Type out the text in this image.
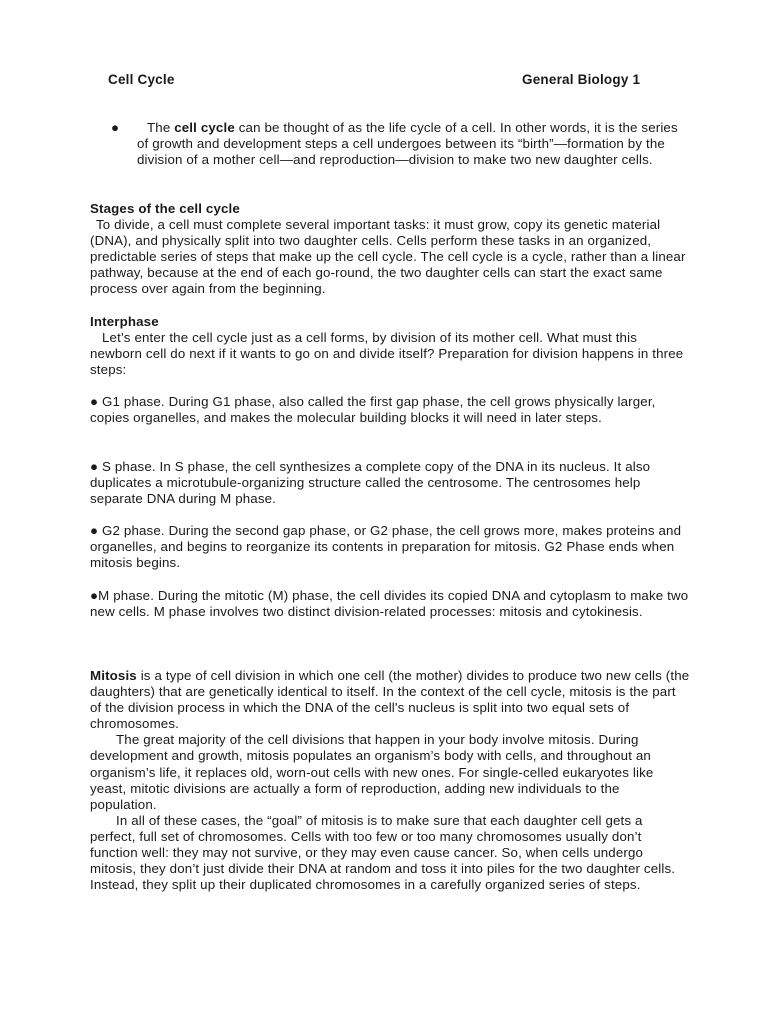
Cell Cycle	General Biology 1
●	The cell cycle can be thought of as the life cycle of a cell. In other words, it is the series of growth and development steps a cell undergoes between its “birth”—formation by the division of a mother cell—and reproduction—division to make two new daughter cells.

Stages of the cell cycle

To divide, a cell must complete several important tasks: it must grow, copy its genetic material (DNA), and physically split into two daughter cells. Cells perform these tasks in an organized, predictable series of steps that make up the cell cycle. The cell cycle is a cycle, rather than a linear pathway, because at the end of each go-round, the two daughter cells can start the exact same process over again from the beginning.

Interphase

Let’s enter the cell cycle just as a cell forms, by division of its mother cell. What must this newborn cell do next if it wants to go on and divide itself? Preparation for division happens in three steps:

● G1 phase. During G1 phase, also called the first gap phase, the cell grows physically larger, copies organelles, and makes the molecular building blocks it will need in later steps.

● S phase. In S phase, the cell synthesizes a complete copy of the DNA in its nucleus. It also duplicates a microtubule-organizing structure called the centrosome. The centrosomes help separate DNA during M phase.

● G2 phase. During the second gap phase, or G2 phase, the cell grows more, makes proteins and organelles, and begins to reorganize its contents in preparation for mitosis. G2 Phase ends when mitosis begins.

●M phase. During the mitotic (M) phase, the cell divides its copied DNA and cytoplasm to make two new cells. M phase involves two distinct division-related processes: mitosis and cytokinesis.

Mitosis is a type of cell division in which one cell (the mother) divides to produce two new cells (the daughters) that are genetically identical to itself. In the context of the cell cycle, mitosis is the part of the division process in which the DNA of the cell's nucleus is split into two equal sets of chromosomes.

The great majority of the cell divisions that happen in your body involve mitosis. During development and growth, mitosis populates an organism’s body with cells, and throughout an organism’s life, it replaces old, worn-out cells with new ones. For single-celled eukaryotes like yeast, mitotic divisions are actually a form of reproduction, adding new individuals to the population.

In all of these cases, the “goal” of mitosis is to make sure that each daughter cell gets a perfect, full set of chromosomes. Cells with too few or too many chromosomes usually don’t function well: they may not survive, or they may even cause cancer. So, when cells undergo mitosis, they don’t just divide their DNA at random and toss it into piles for the two daughter cells. Instead, they split up their duplicated chromosomes in a carefully organized series of steps.
